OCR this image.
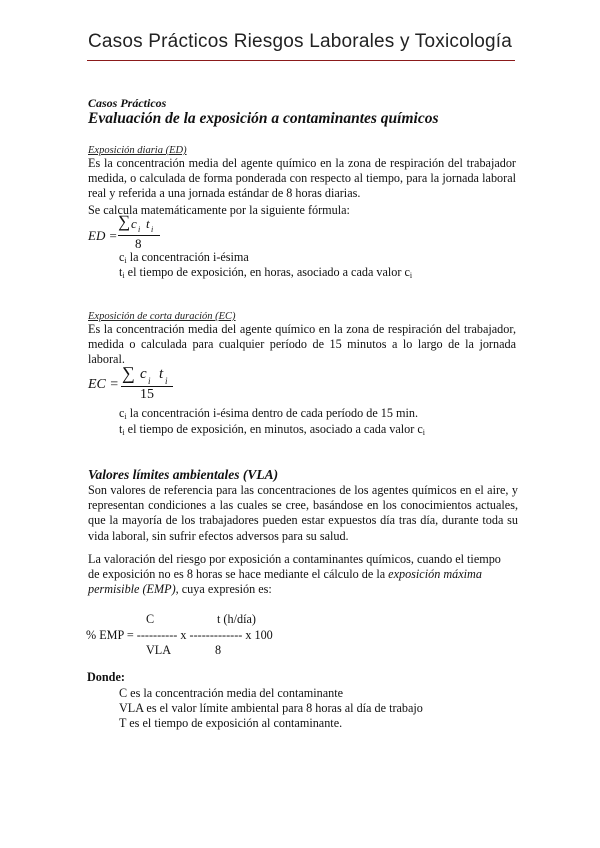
Casos Prácticos Riesgos Laborales y Toxicología
Casos Prácticos
Evaluación de la exposición a contaminantes químicos
Exposición diaria (ED)
Es la concentración media del agente químico en la zona de respiración del trabajador medida, o calculada de forma ponderada con respecto al tiempo, para la jornada laboral real y referida a una jornada estándar de 8 horas diarias.
Se calcula matemáticamente por la siguiente fórmula:
ED =
∑ c i t i
8
$c_i$ la concentración i-ésima
$t_i$ el tiempo de exposición, en horas, asociado a cada valor $c_i$
Exposición de corta duración (EC)
Es la concentración media del agente químico en la zona de respiración del trabajador, medida o calculada para cualquier período de 15 minutos a lo largo de la jornada laboral.
EC =
∑ c i t i
15
$c_i$ la concentración i-ésima dentro de cada período de 15 min.
$t_i$ el tiempo de exposición, en minutos, asociado a cada valor $c_i$
Valores límites ambientales (VLA)
Son valores de referencia para las concentraciones de los agentes químicos en el aire, y representan condiciones a las cuales se cree, basándose en los conocimientos actuales, que la mayoría de los trabajadores pueden estar expuestos día tras día, durante toda su vida laboral, sin sufrir efectos adversos para su salud.
La valoración del riesgo por exposición a contaminantes químicos, cuando el tiempo de exposición no es 8 horas se hace mediante el cálculo de la exposición máxima permisible (EMP), cuya expresión es:
C	t (h/día)
% EMP = ---------- x ------------- x 100
VLA	8
Donde:
C es la concentración media del contaminante
VLA es el valor límite ambiental para 8 horas al día de trabajo
T es el tiempo de exposición al contaminante.
